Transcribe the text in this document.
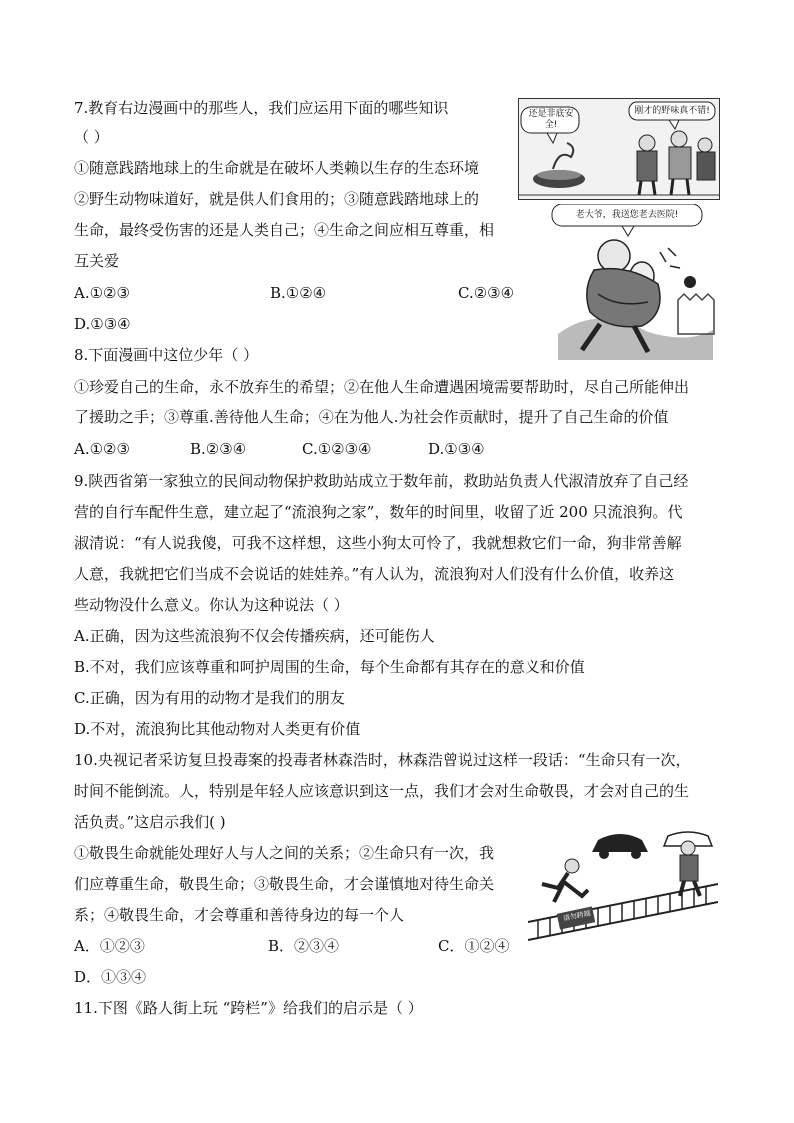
7.教育右边漫画中的那些人，我们应运用下面的哪些知识
（ ）
①随意践踏地球上的生命就是在破坏人类赖以生存的生态环境
②野生动物味道好，就是供人们食用的；③随意践踏地球上的
生命，最终受伤害的还是人类自己；④生命之间应相互尊重，相
互关爱
A.①②③	B.①②④	C.②③④
D.①③④
还是非底安全!
刚才的野味真不错!
老大爷，我送您老去医院!
8.下面漫画中这位少年（ ）
①珍爱自己的生命，永不放弃生的希望；②在他人生命遭遇困境需要帮助时，尽自己所能伸出
了援助之手；③尊重.善待他人生命；④在为他人.为社会作贡献时，提升了自己生命的价值
A.①②③	B.②③④	C.①②③④	D.①③④
9.陕西省第一家独立的民间动物保护救助站成立于数年前，救助站负责人代淑清放弃了自己经
营的自行车配件生意，建立起了“流浪狗之家”，数年的时间里，收留了近 200 只流浪狗。代
淑清说：“有人说我傻，可我不这样想，这些小狗太可怜了，我就想救它们一命，狗非常善解
人意，我就把它们当成不会说话的娃娃养。”有人认为，流浪狗对人们没有什么价值，收养这
些动物没什么意义。你认为这种说法（ ）
A.正确，因为这些流浪狗不仅会传播疾病，还可能伤人
B.不对，我们应该尊重和呵护周围的生命，每个生命都有其存在的意义和价值
C.正确，因为有用的动物才是我们的朋友
D.不对，流浪狗比其他动物对人类更有价值
10.央视记者采访复旦投毒案的投毒者林森浩时，林森浩曾说过这样一段话：“生命只有一次，
时间不能倒流。人，特别是年轻人应该意识到这一点，我们才会对生命敬畏，才会对自己的生
活负责。”这启示我们( )
①敬畏生命就能处理好人与人之间的关系；②生命只有一次，我
们应尊重生命，敬畏生命；③敬畏生命，才会谨慎地对待生命关
系；④敬畏生命，才会尊重和善待身边的每一个人
A．①②③	B．②③④	C．①②④
D．①③④
请勿跨越
11.下图《路人街上玩 “跨栏”》给我们的启示是（ ）
